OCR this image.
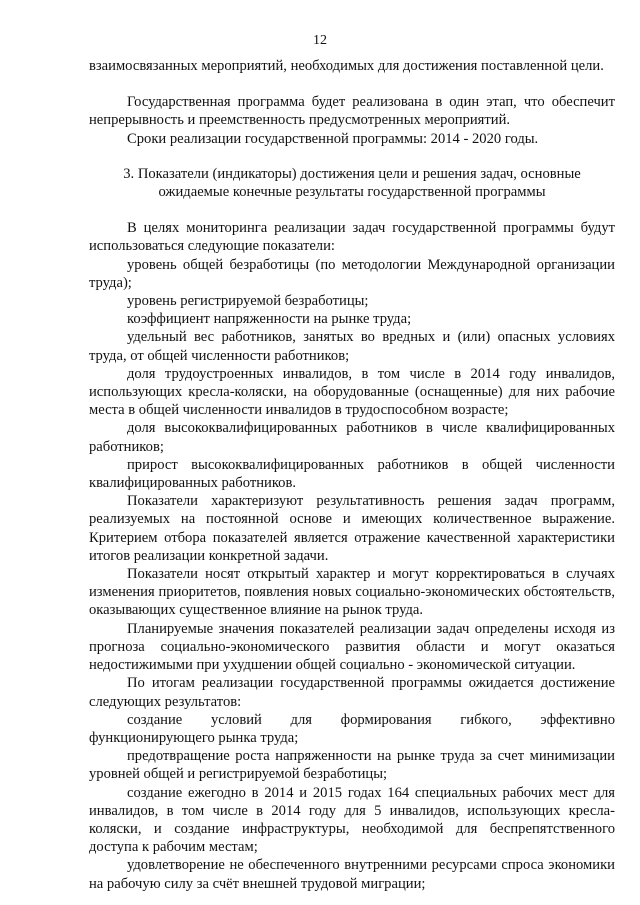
12

взаимосвязанных мероприятий, необходимых для достижения поставленной цели.

Государственная программа будет реализована в один этап, что обеспечит непрерывность и преемственность предусмотренных мероприятий.

Сроки реализации государственной программы: 2014 - 2020 годы.

3. Показатели (индикаторы) достижения цели и решения задач, основные ожидаемые конечные результаты государственной программы

В целях мониторинга реализации задач государственной программы будут использоваться следующие показатели:

уровень общей безработицы (по методологии Международной организации труда);

уровень регистрируемой безработицы;

коэффициент напряженности на рынке труда;

удельный вес работников, занятых во вредных и (или) опасных условиях труда, от общей численности работников;

доля трудоустроенных инвалидов, в том числе в 2014 году инвалидов, использующих кресла-коляски, на оборудованные (оснащенные) для них рабочие места в общей численности инвалидов в трудоспособном возрасте;

доля высококвалифицированных работников в числе квалифицированных работников;

прирост высококвалифицированных работников в общей численности квалифицированных работников.

Показатели характеризуют результативность решения задач программ, реализуемых на постоянной основе и имеющих количественное выражение. Критерием отбора показателей является отражение качественной характеристики итогов реализации конкретной задачи.

Показатели носят открытый характер и могут корректироваться в случаях изменения приоритетов, появления новых социально-экономических обстоятельств, оказывающих существенное влияние на рынок труда.

Планируемые значения показателей реализации задач определены исходя из прогноза социально-экономического развития области и могут оказаться недостижимыми при ухудшении общей социально - экономической ситуации.

По итогам реализации государственной программы ожидается достижение следующих результатов:

создание условий для формирования гибкого, эффективно функционирующего рынка труда;

предотвращение роста напряженности на рынке труда за счет минимизации уровней общей и регистрируемой безработицы;

создание ежегодно в 2014 и 2015 годах 164 специальных рабочих мест для инвалидов, в том числе в 2014 году для 5 инвалидов, использующих кресла-коляски, и создание инфраструктуры, необходимой для беспрепятственного доступа к рабочим местам;

удовлетворение не обеспеченного внутренними ресурсами спроса экономики на рабочую силу за счёт внешней трудовой миграции;
